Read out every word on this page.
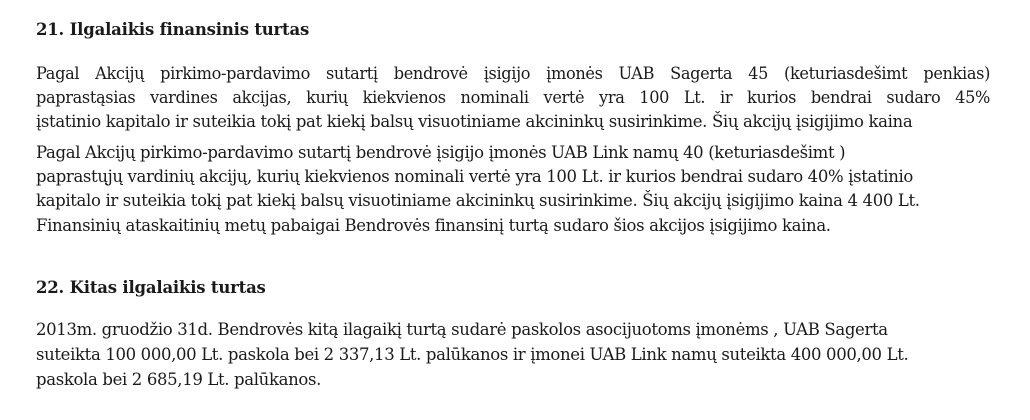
21. Ilgalaikis finansinis turtas
Pagal Akcijų pirkimo-pardavimo sutartį bendrovė įsigijo įmonės UAB Sagerta 45 (keturiasdešimt penkias)
paprastąsias vardines akcijas, kurių kiekvienos nominali vertė yra 100 Lt. ir kurios bendrai sudaro 45%
įstatinio kapitalo ir suteikia tokį pat kiekį balsų visuotiniame akcininkų susirinkime. Šių akcijų įsigijimo kaina
Pagal Akcijų pirkimo-pardavimo sutartį bendrovė įsigijo įmonės UAB Link namų 40 (keturiasdešimt )
paprastųjų vardinių akcijų, kurių kiekvienos nominali vertė yra 100 Lt. ir kurios bendrai sudaro 40% įstatinio
kapitalo ir suteikia tokį pat kiekį balsų visuotiniame akcininkų susirinkime. Šių akcijų įsigijimo kaina 4 400 Lt.
Finansinių ataskaitinių metų pabaigai Bendrovės finansinį turtą sudaro šios akcijos įsigijimo kaina.
22. Kitas ilgalaikis turtas
2013m. gruodžio 31d. Bendrovės kitą ilagaikį turtą sudarė paskolos asocijuotoms įmonėms , UAB Sagerta
suteikta 100 000,00 Lt. paskola bei 2 337,13 Lt. palūkanos ir įmonei UAB Link namų suteikta 400 000,00 Lt.
paskola bei 2 685,19 Lt. palūkanos.
